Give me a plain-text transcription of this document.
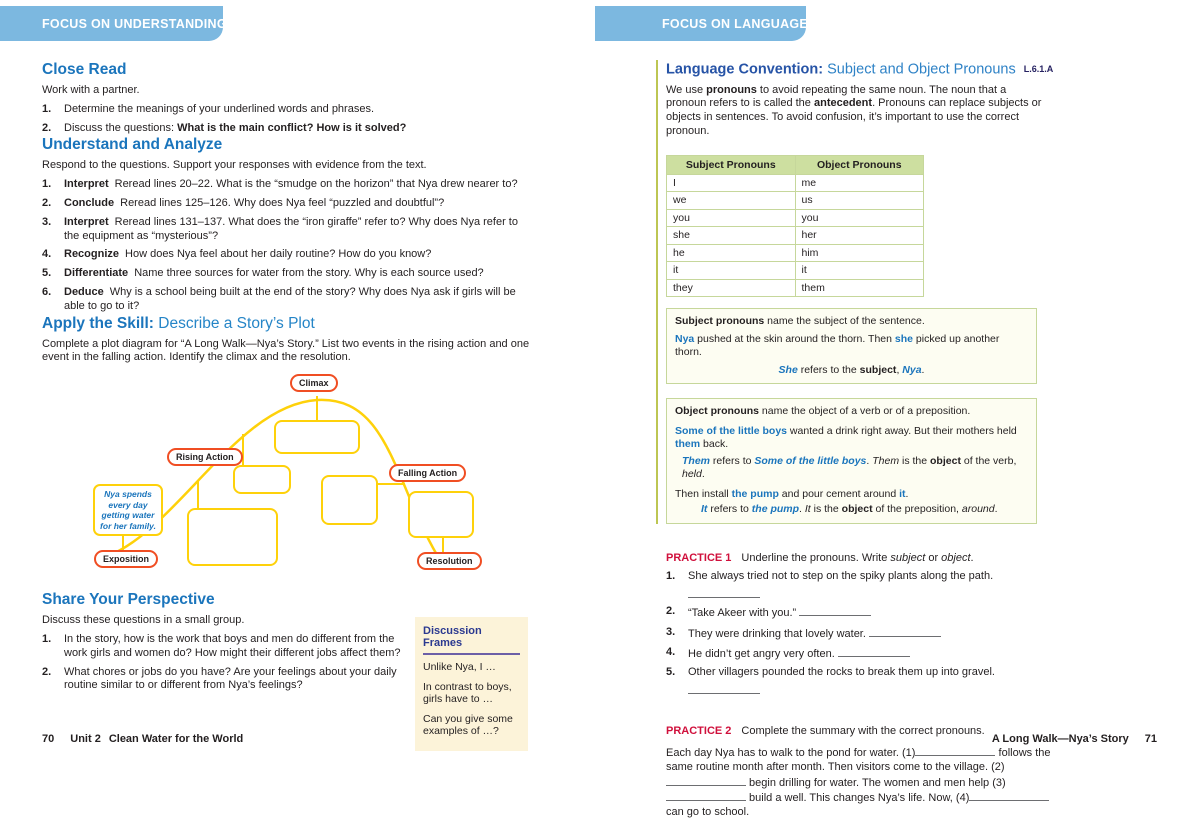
FOCUS ON UNDERSTANDING
Close Read

Work with a partner.

1.	Determine the meanings of your underlined words and phrases.
2.	Discuss the questions: What is the main conflict? How is it solved?
Understand and Analyze

Respond to the questions. Support your responses with evidence from the text.

1.	Interpret Reread lines 20–22. What is the “smudge on the horizon” that Nya drew nearer to?
2.	Conclude Reread lines 125–126. Why does Nya feel “puzzled and doubtful”?
3.	Interpret Reread lines 131–137. What does the “iron giraffe” refer to? Why does Nya refer to the equipment as “mysterious”?
4.	Recognize How does Nya feel about her daily routine? How do you know?
5.	Differentiate Name three sources for water from the story. Why is each source used?
6.	Deduce Why is a school being built at the end of the story? Why does Nya ask if girls will be able to go to it?
Apply the Skill: Describe a Story’s Plot

Complete a plot diagram for “A Long Walk—Nya’s Story.” List two events in the rising action and one event in the falling action. Identify the climax and the resolution.

Climax
Rising Action
Falling Action
Exposition	Resolution
Nya spends every day getting water for her family.
Share Your Perspective

Discuss these questions in a small group.

1.	In the story, how is the work that boys and men do different from the work girls and women do? How might their different jobs affect them?
2.	What chores or jobs do you have? Are your feelings about your daily routine similar to or different from Nya’s feelings?
Discussion Frames
Unlike Nya, I …
In contrast to boys, girls have to …
Can you give some examples of …?
70 Unit 2 Clean Water for the World
FOCUS ON LANGUAGE
Language Convention: Subject and Object Pronouns L.6.1.A

We use pronouns to avoid repeating the same noun. The noun that a pronoun refers to is called the antecedent. Pronouns can replace subjects or objects in sentences. To avoid confusion, it’s important to use the correct pronoun.

Subject Pronouns	Object Pronouns
I	me
we	us
you	you
she	her
he	him
it	it
they	them
Subject pronouns name the subject of the sentence.
Nya pushed at the skin around the thorn. Then she picked up another thorn.
She refers to the subject, Nya.
Object pronouns name the object of a verb or of a preposition.
Some of the little boys wanted a drink right away. But their mothers held them back.
Them refers to Some of the little boys. Them is the object of the verb, held.
Then install the pump and pour cement around it.
It refers to the pump. It is the object of the preposition, around.
PRACTICE 1 Underline the pronouns. Write subject or object.
1.	She always tried not to step on the spiky plants along the path.
2.	“Take Akeer with you.”
3.	They were drinking that lovely water.
4.	He didn’t get angry very often.
5.	Other villagers pounded the rocks to break them up into gravel.
PRACTICE 2 Complete the summary with the correct pronouns.

Each day Nya has to walk to the pond for water. (1)	follows the same routine month after month. Then visitors come to the village. (2) begin drilling for water. The women and men help (3) build a well. This changes Nya’s life. Now, (4) can go to school.

A Long Walk—Nya’s Story 71
